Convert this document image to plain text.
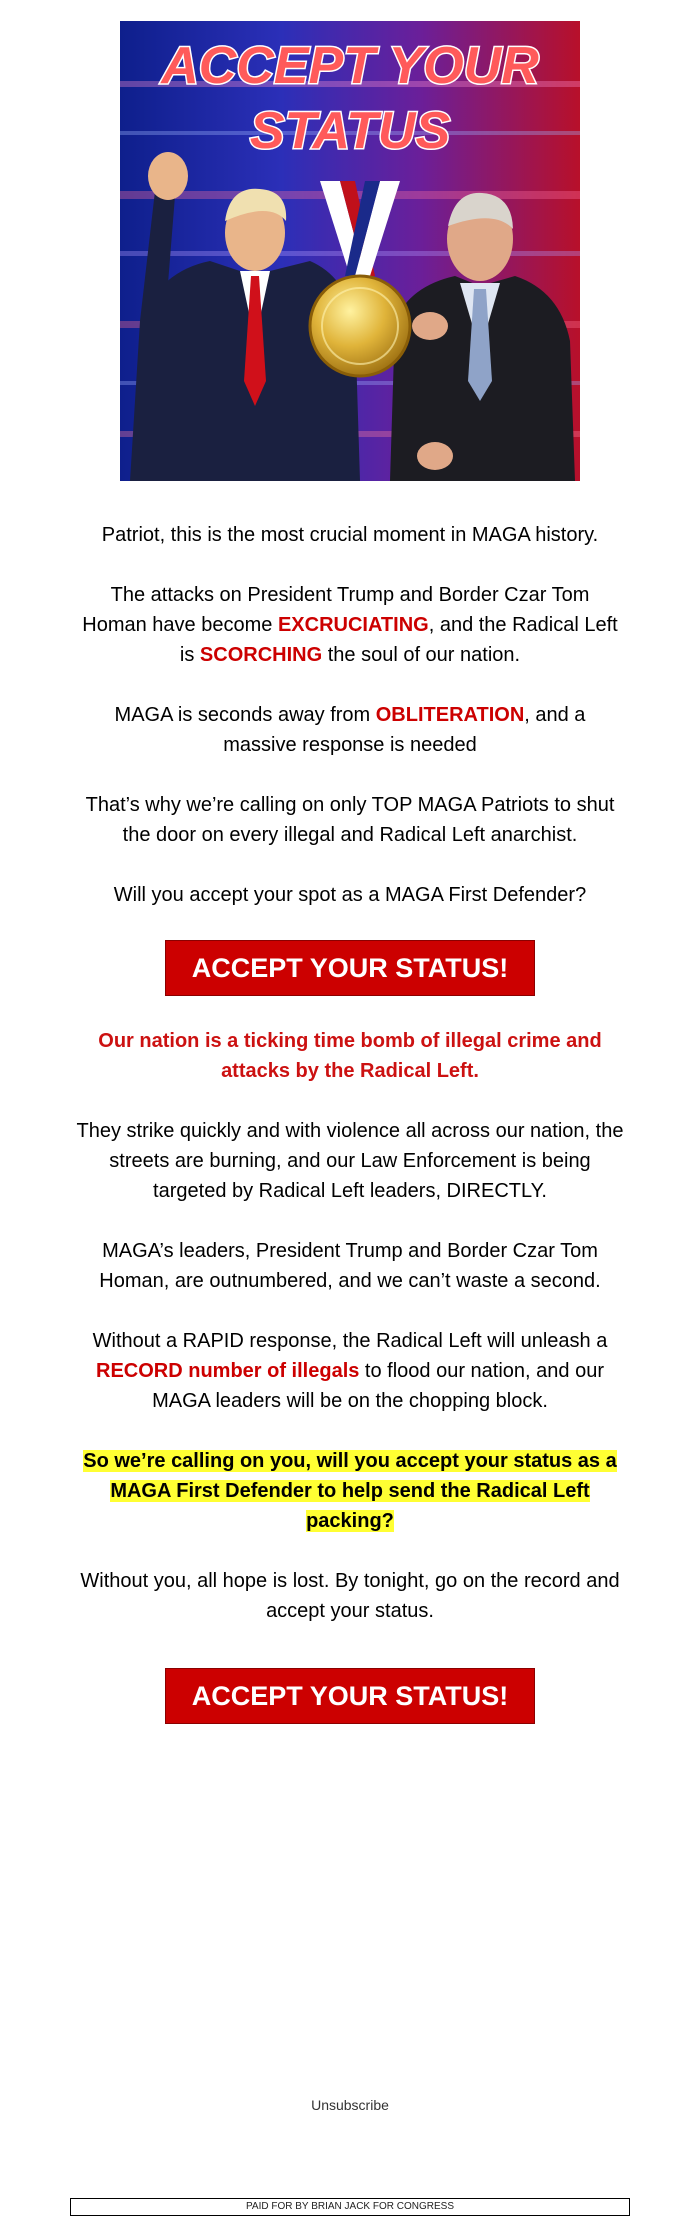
ACCEPT YOUR
STATUS

Patriot, this is the most crucial moment in MAGA history.

The attacks on President Trump and Border Czar Tom Homan have become EXCRUCIATING, and the Radical Left is SCORCHING the soul of our nation.

MAGA is seconds away from OBLITERATION, and a massive response is needed

That’s why we’re calling on only TOP MAGA Patriots to shut the door on every illegal and Radical Left anarchist.

Will you accept your spot as a MAGA First Defender?

ACCEPT YOUR STATUS!

Our nation is a ticking time bomb of illegal crime and attacks by the Radical Left.

They strike quickly and with violence all across our nation, the streets are burning, and our Law Enforcement is being targeted by Radical Left leaders, DIRECTLY.

MAGA’s leaders, President Trump and Border Czar Tom Homan, are outnumbered, and we can’t waste a second.

Without a RAPID response, the Radical Left will unleash a RECORD number of illegals to flood our nation, and our MAGA leaders will be on the chopping block.

So we’re calling on you, will you accept your status as a MAGA First Defender to help send the Radical Left packing?

Without you, all hope is lost. By tonight, go on the record and accept your status.

ACCEPT YOUR STATUS!
Unsubscribe
PAID FOR BY BRIAN JACK FOR CONGRESS
